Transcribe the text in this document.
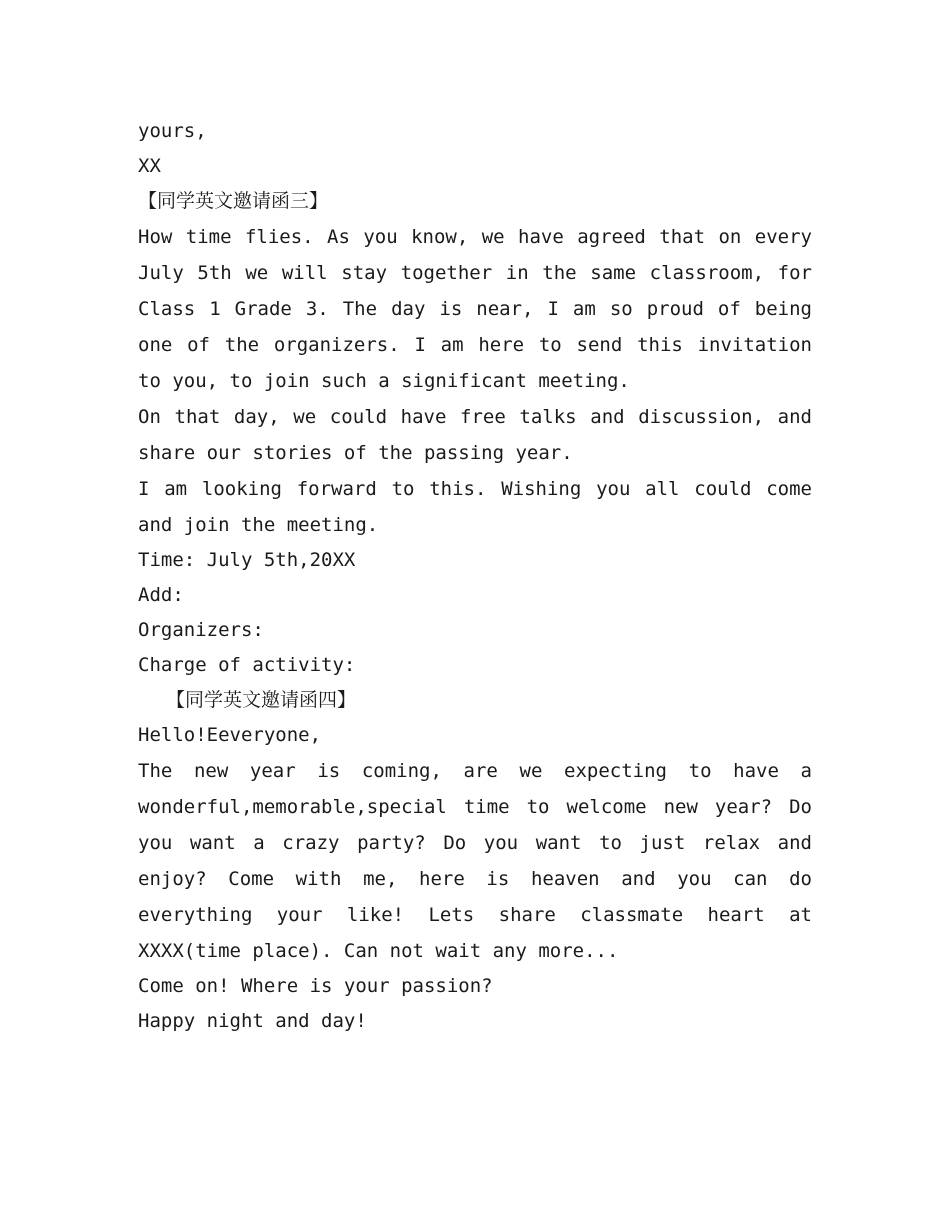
yours,

XX

【同学英文邀请函三】

How time flies. As you know, we have agreed that on every July 5th we will stay together in the same classroom, for Class 1 Grade 3. The day is near, I am so proud of being one of the organizers. I am here to send this invitation to you, to join such a significant meeting.

On that day, we could have free talks and discussion, and share our stories of the passing year.

I am looking forward to this. Wishing you all could come and join the meeting.

Time: July 5th,20XX

Add:

Organizers:

Charge of activity:

【同学英文邀请函四】

Hello!Eeveryone,

The new year is coming, are we expecting to have a wonderful,memorable,special time to welcome new year? Do you want a crazy party? Do you want to just relax and enjoy? Come with me, here is heaven and you can do everything your like! Lets share classmate heart at XXXX(time place). Can not wait any more...

Come on! Where is your passion?

Happy night and day!
